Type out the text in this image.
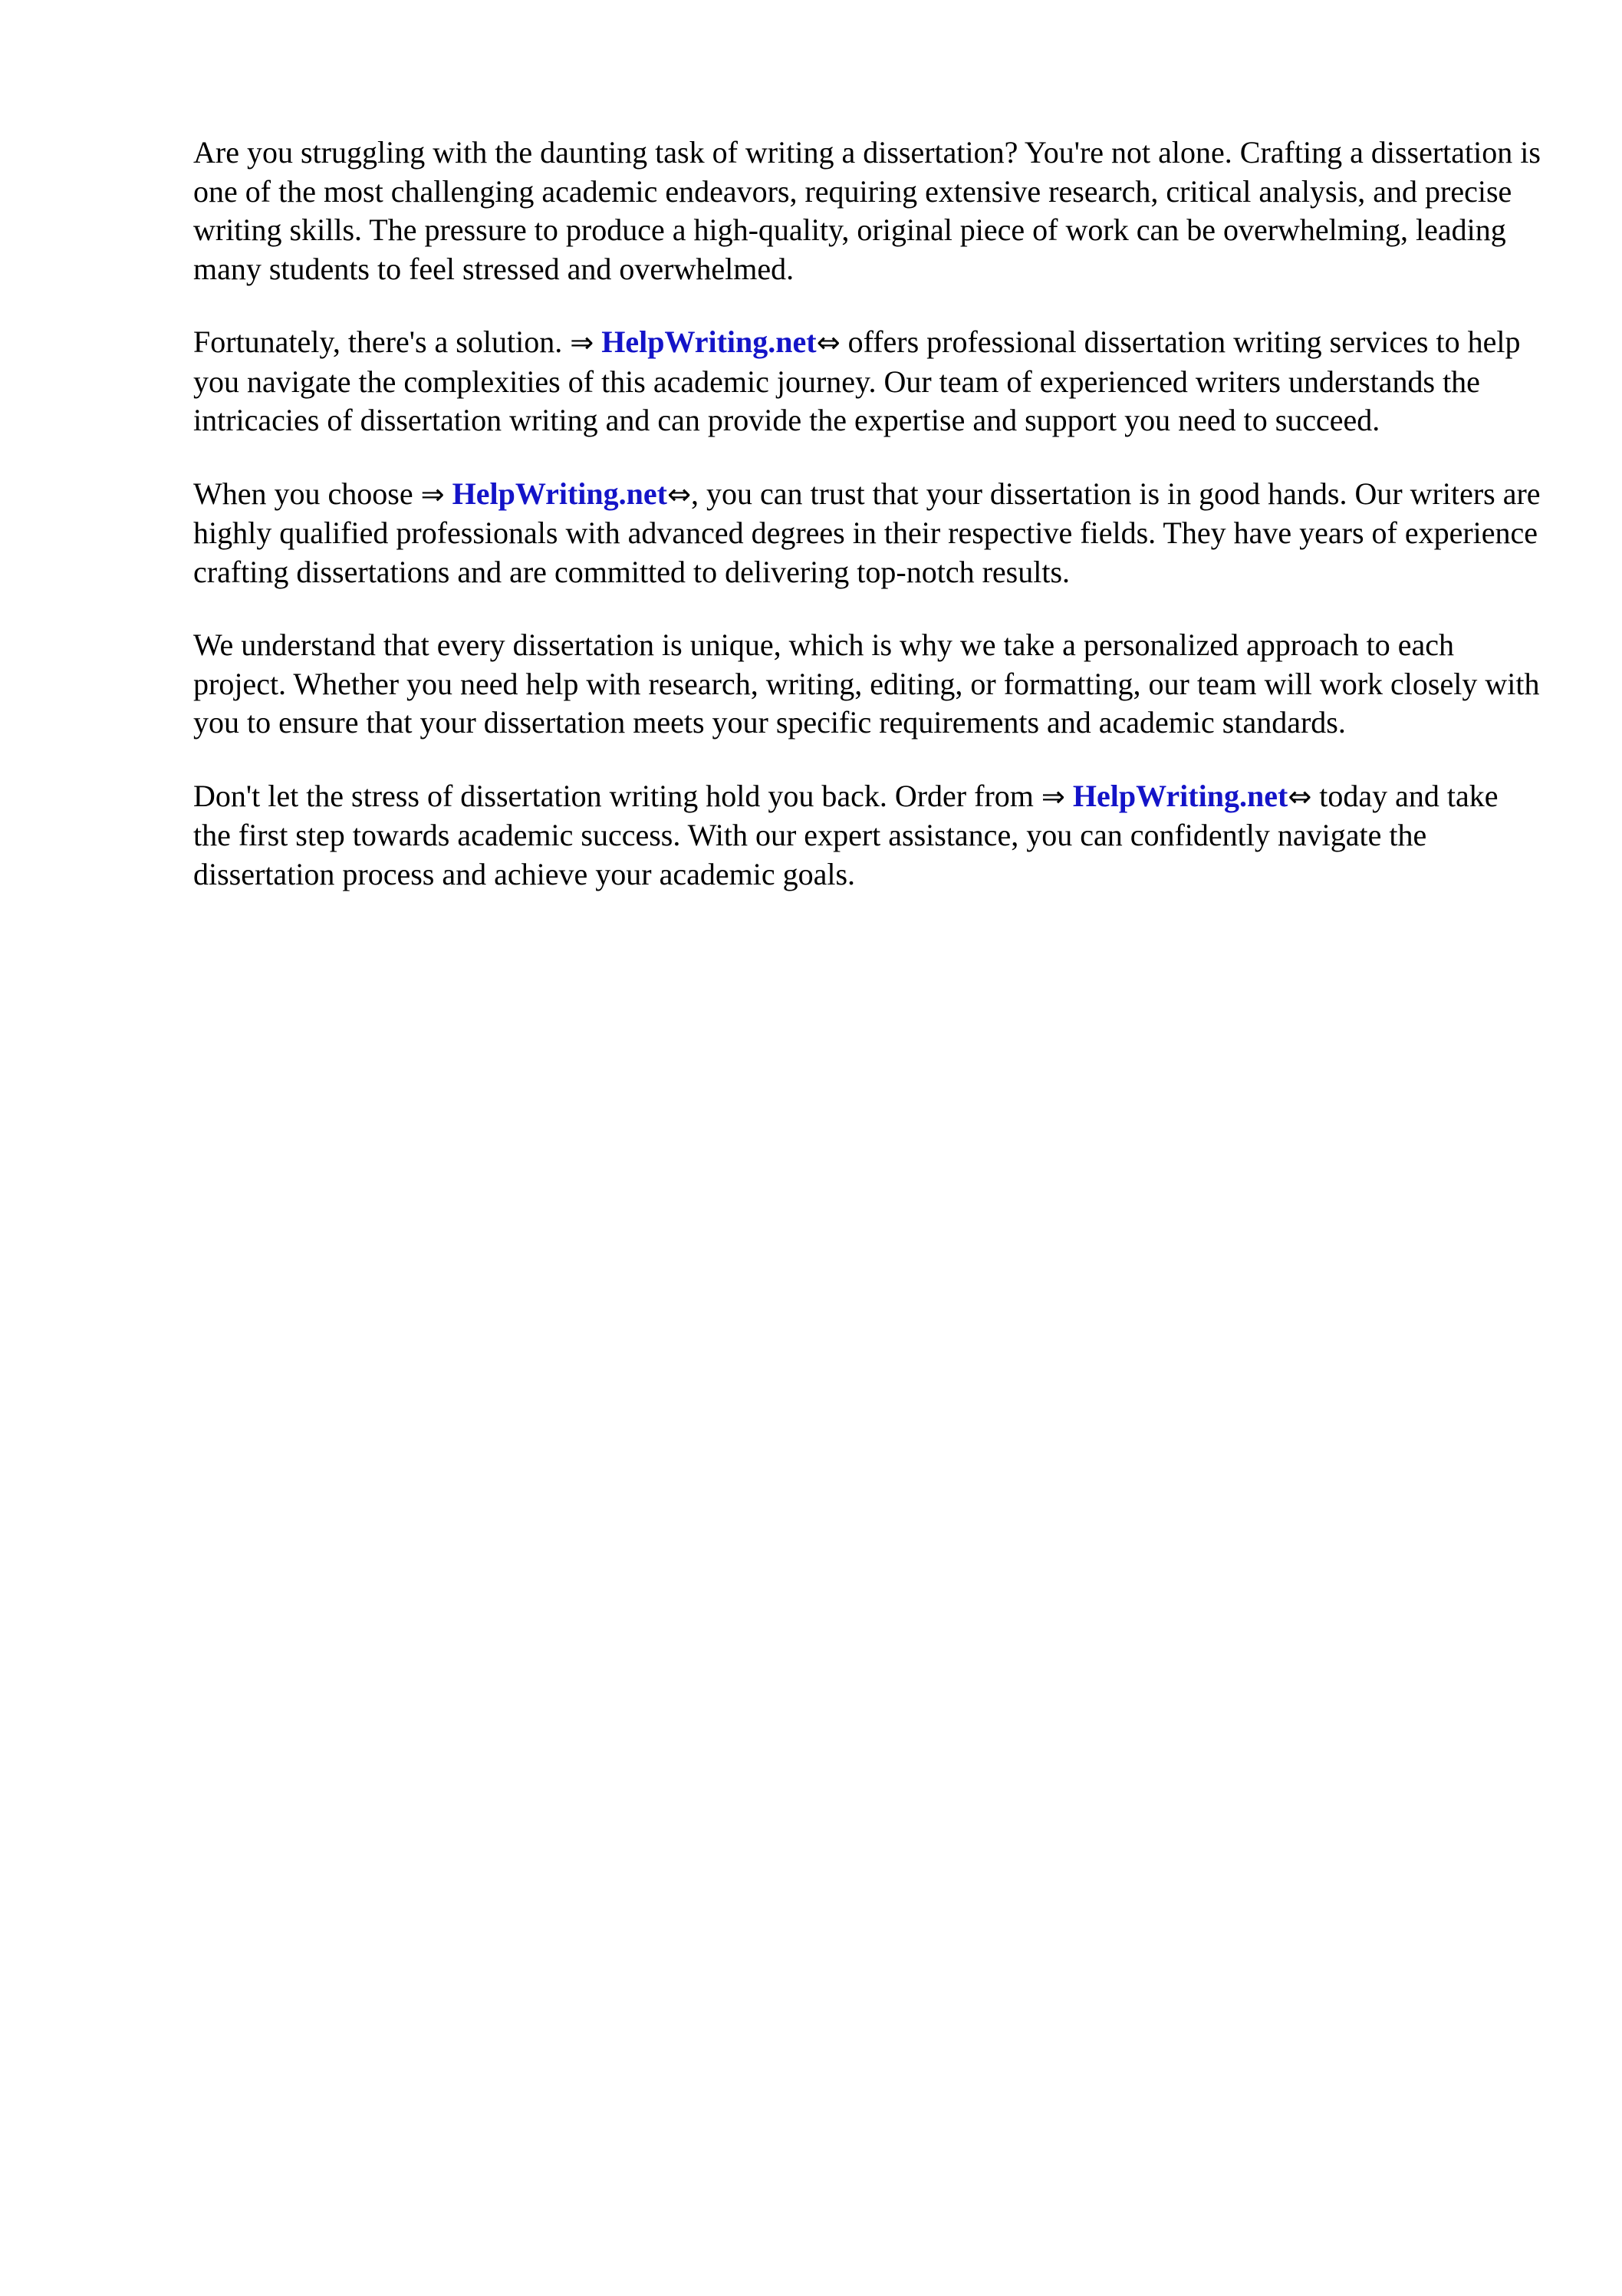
Are you struggling with the daunting task of writing a dissertation? You're not alone. Crafting a dissertation is one of the most challenging academic endeavors, requiring extensive research, critical analysis, and precise writing skills. The pressure to produce a high-quality, original piece of work can be overwhelming, leading many students to feel stressed and overwhelmed.

Fortunately, there's a solution. ⇒ HelpWriting.net⇔ offers professional dissertation writing services to help you navigate the complexities of this academic journey. Our team of experienced writers understands the intricacies of dissertation writing and can provide the expertise and support you need to succeed.

When you choose ⇒ HelpWriting.net⇔, you can trust that your dissertation is in good hands. Our writers are highly qualified professionals with advanced degrees in their respective fields. They have years of experience crafting dissertations and are committed to delivering top-notch results.

We understand that every dissertation is unique, which is why we take a personalized approach to each project. Whether you need help with research, writing, editing, or formatting, our team will work closely with you to ensure that your dissertation meets your specific requirements and academic standards.

Don't let the stress of dissertation writing hold you back. Order from ⇒ HelpWriting.net⇔ today and take the first step towards academic success. With our expert assistance, you can confidently navigate the dissertation process and achieve your academic goals.
